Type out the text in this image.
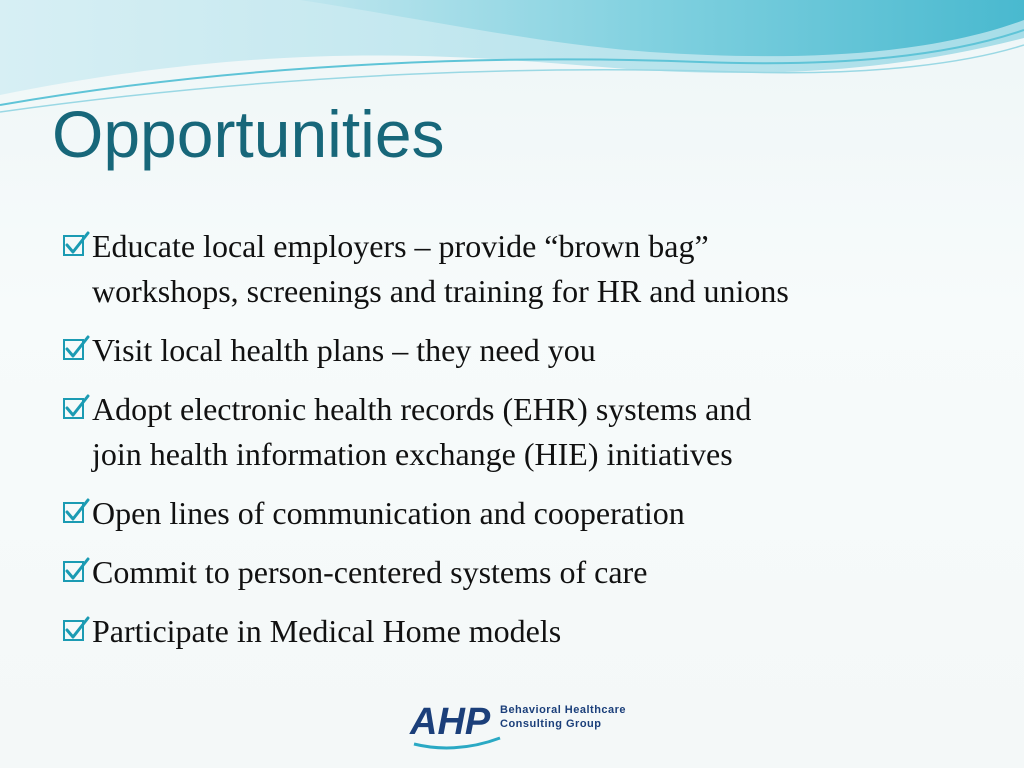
Opportunities
Educate local employers – provide “brown bag”
workshops, screenings and training for HR and unions
Visit local health plans – they need you
Adopt electronic health records (EHR) systems and
join health information exchange (HIE) initiatives
Open lines of communication and cooperation
Commit to person-centered systems of care
Participate in Medical Home models
AHP Behavioral Healthcare
Consulting Group
